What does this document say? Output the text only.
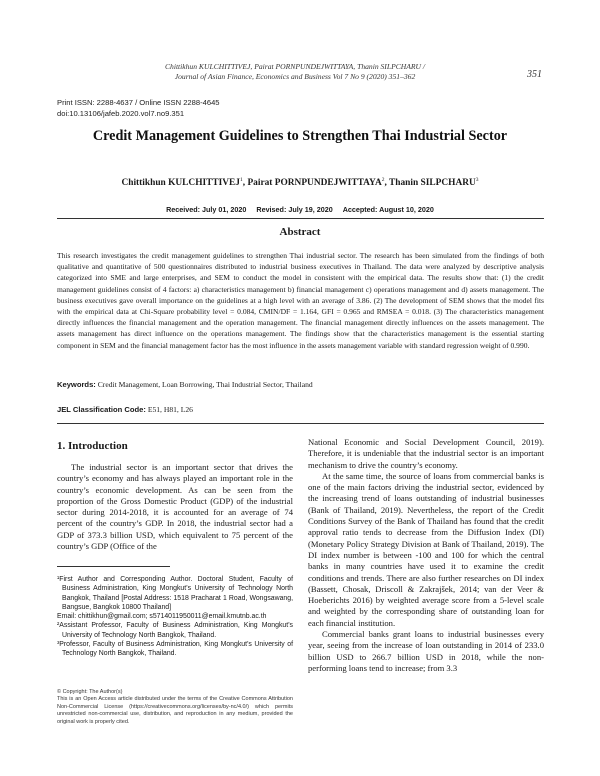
Chittikhun KULCHITTIVEJ, Pairat PORNPUNDEJWITTAYA, Thanin SILPCHARU /
Journal of Asian Finance, Economics and Business Vol 7 No 9 (2020) 351–362	351
Print ISSN: 2288-4637 / Online ISSN 2288-4645
doi:10.13106/jafeb.2020.vol7.no9.351
Credit Management Guidelines to Strengthen Thai Industrial Sector
Chittikhun KULCHITTIVEJ$^1$, Pairat PORNPUNDEJWITTAYA$^2$, Thanin SILPCHARU$^3$
Received: July 01, 2020 Revised: July 19, 2020 Accepted: August 10, 2020
Abstract
This research investigates the credit management guidelines to strengthen Thai industrial sector. The research has been simulated from the findings of both qualitative and quantitative of 500 questionnaires distributed to industrial business executives in Thailand. The data were analyzed by descriptive analysis categorized into SME and large enterprises, and SEM to conduct the model in consistent with the empirical data. The results show that: (1) the credit management guidelines consist of 4 factors: a) characteristics management b) financial management c) operations management and d) assets management. The business executives gave overall importance on the guidelines at a high level with an average of 3.86. (2) The development of SEM shows that the model fits with the empirical data at Chi-Square probability level = 0.084, CMIN/DF = 1.164, GFI = 0.965 and RMSEA = 0.018. (3) The characteristics management directly influences the financial management and the operation management. The financial management directly influences on the assets management. The assets management has direct influence on the operations management. The findings show that the characteristics management is the essential starting component in SEM and the financial management factor has the most influence in the assets management variable with standard regression weight of 0.990.
Keywords: Credit Management, Loan Borrowing, Thai Industrial Sector, Thailand
JEL Classification Code: E51, H81, L26
1. Introduction

The industrial sector is an important sector that drives the country’s economy and has always played an important role in the country’s economic development. As can be seen from the proportion of the Gross Domestic Product (GDP) of the industrial sector during 2014-2018, it is accounted for an average of 74 percent of the country’s GDP. In 2018, the industrial sector had a GDP of 373.3 billion USD, which equivalent to 75 percent of the country’s GDP (Office of the

¹First Author and Corresponding Author. Doctoral Student, Faculty of Business Administration, King Mongkut’s University of Technology North Bangkok, Thailand [Postal Address: 1518 Pracharat 1 Road, Wongsawang, Bangsue, Bangkok 10800 Thailand]

Email: chittikhun@gmail.com; s5714011950011@email.kmutnb.ac.th

²Assistant Professor, Faculty of Business Administration, King Mongkut’s University of Technology North Bangkok, Thailand.

³Professor, Faculty of Business Administration, King Mongkut’s University of Technology North Bangkok, Thailand.

© Copyright: The Author(s)

This is an Open Access article distributed under the terms of the Creative Commons Attribution Non-Commercial License (https://creativecommons.org/licenses/by-nc/4.0/) which permits unrestricted non-commercial use, distribution, and reproduction in any medium, provided the original work is properly cited.

National Economic and Social Development Council, 2019). Therefore, it is undeniable that the industrial sector is an important mechanism to drive the country’s economy.

At the same time, the source of loans from commercial banks is one of the main factors driving the industrial sector, evidenced by the increasing trend of loans outstanding of industrial businesses (Bank of Thailand, 2019). Nevertheless, the report of the Credit Conditions Survey of the Bank of Thailand has found that the credit approval ratio tends to decrease from the Diffusion Index (DI) (Monetary Policy Strategy Division at Bank of Thailand, 2019). The DI index number is between -100 and 100 for which the central banks in many countries have used it to examine the credit conditions and trends. There are also further researches on DI index (Bassett, Chosak, Driscoll & Zakrajšek, 2014; van der Veer & Hoeberichts 2016) by weighted average score from a 5-level scale and weighted by the corresponding share of outstanding loan for each financial institution.

Commercial banks grant loans to industrial businesses every year, seeing from the increase of loan outstanding in 2014 of 233.0 billion USD to 266.7 billion USD in 2018, while the non-performing loans tend to increase; from 3.3
